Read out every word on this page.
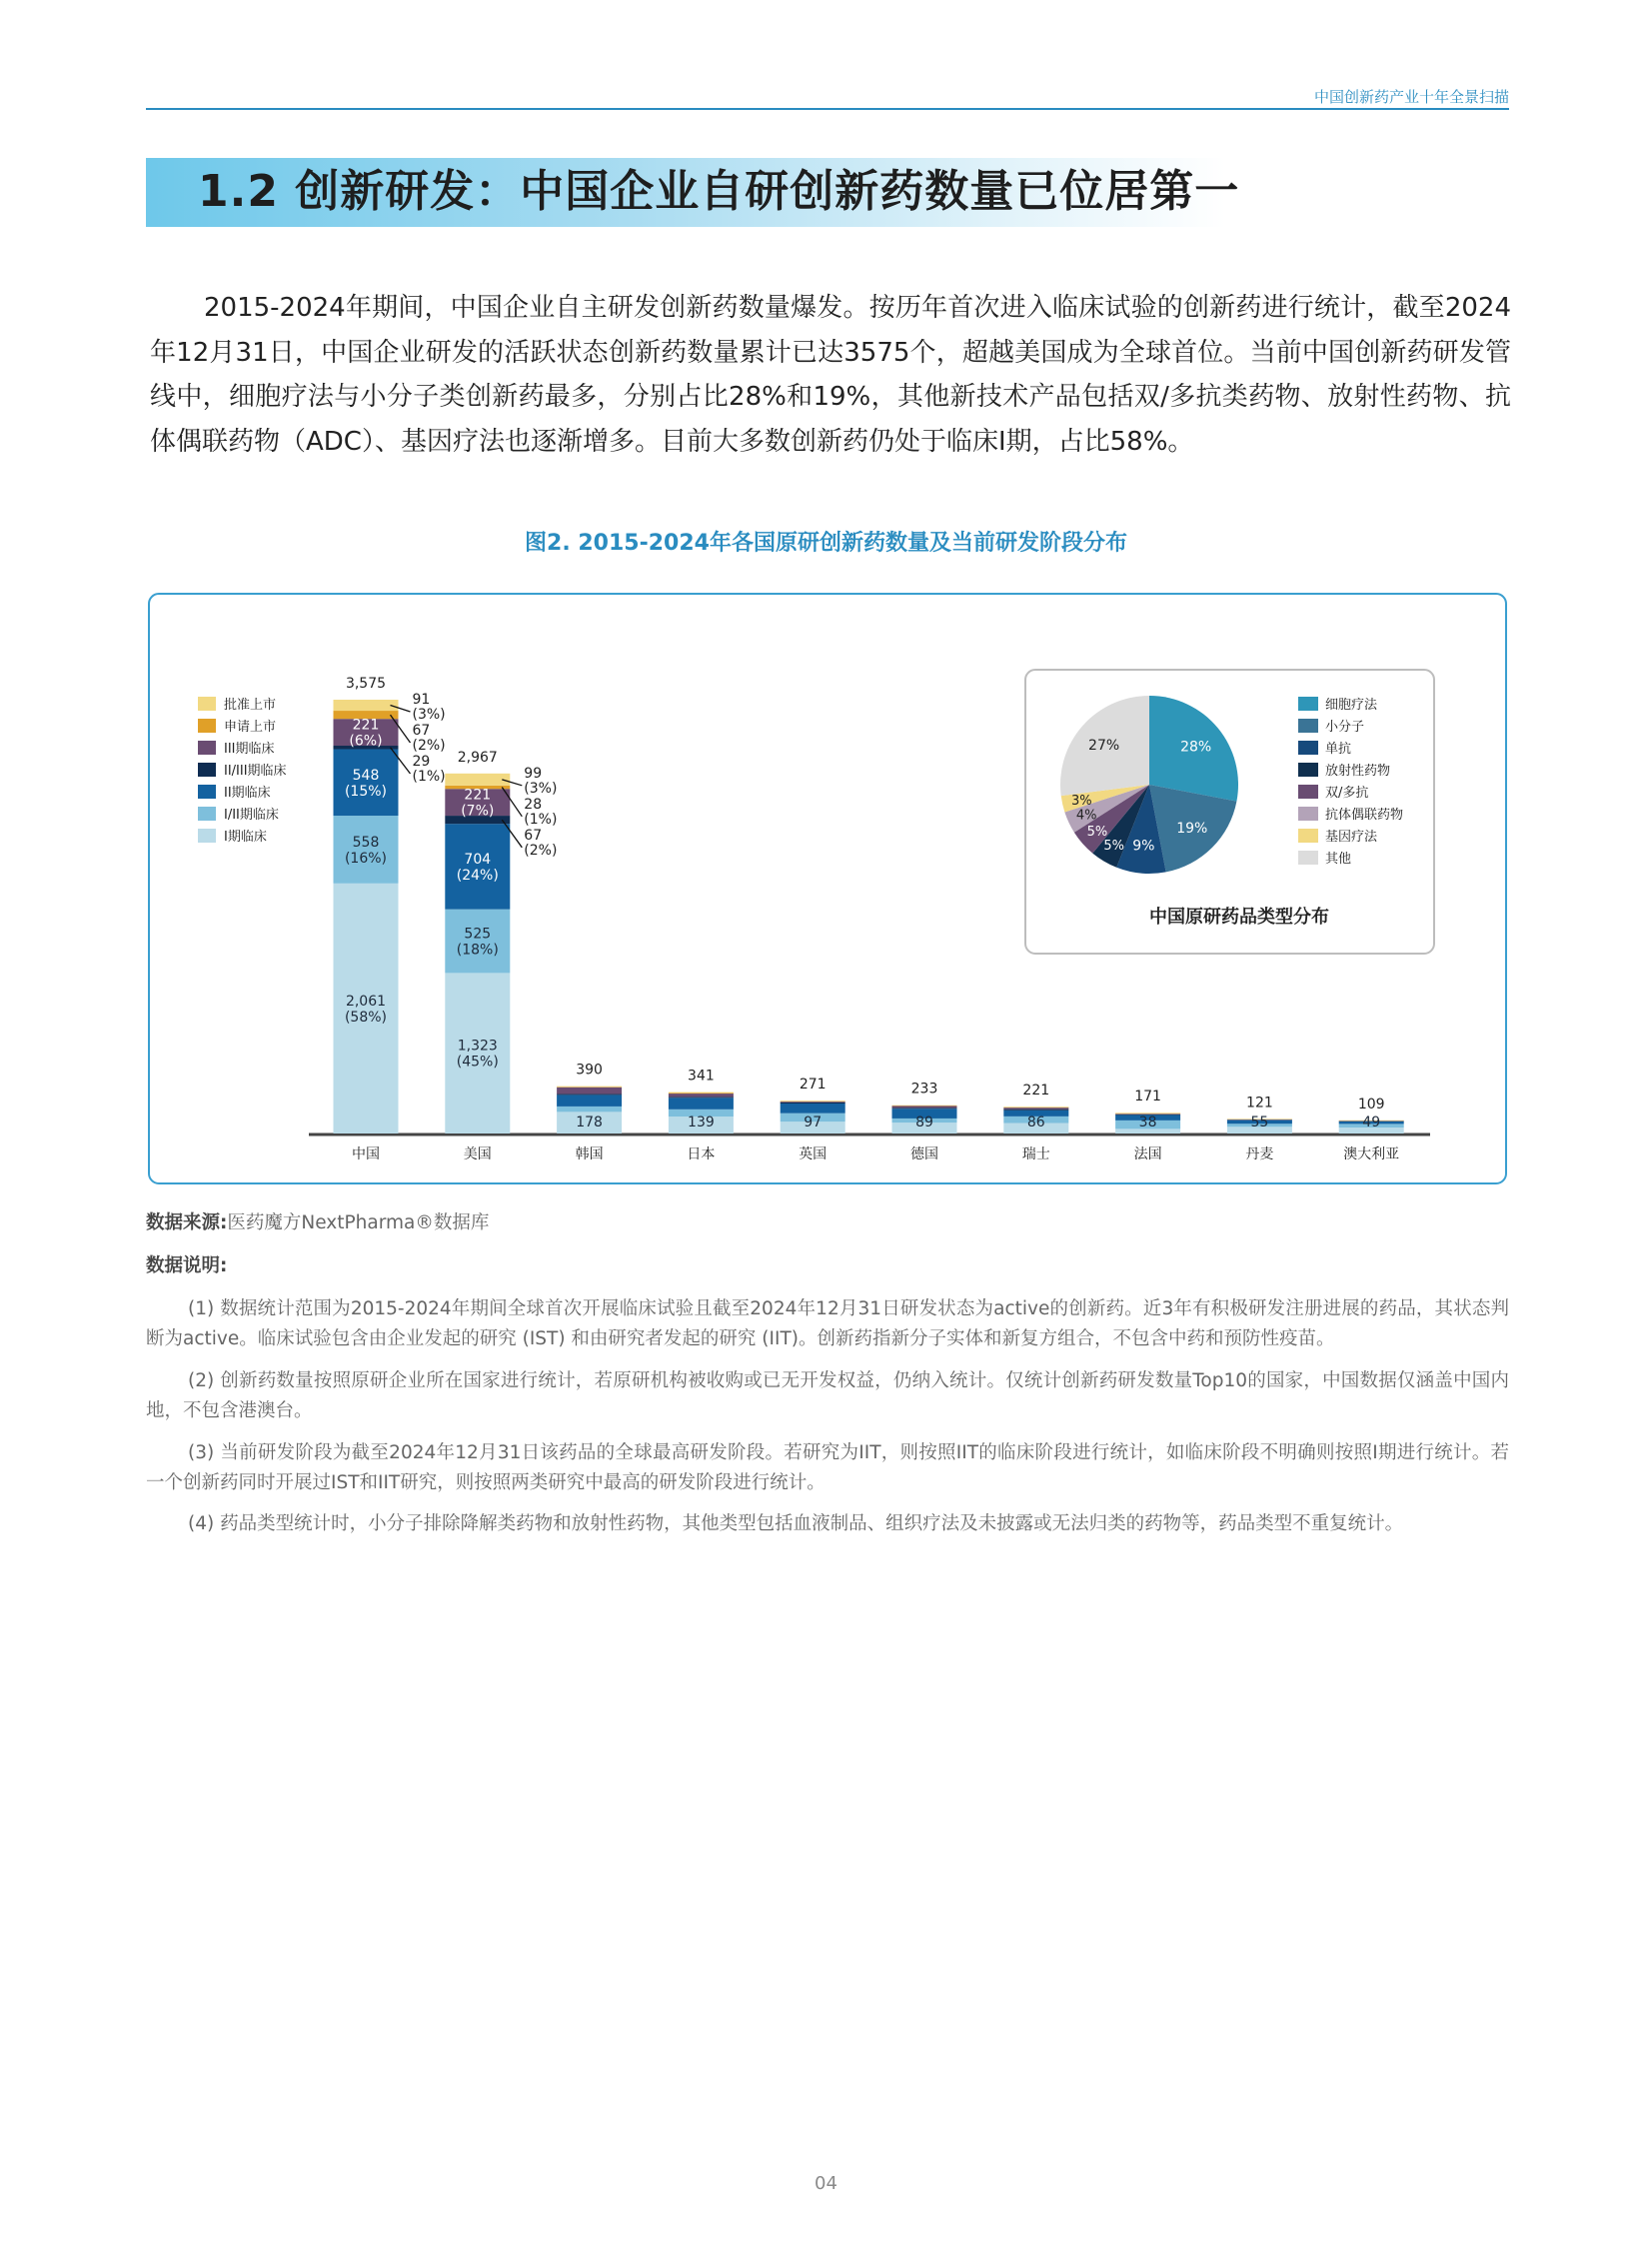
中国创新药产业十年全景扫描
1.2 创新研发：中国企业自研创新药数量已位居第一
2015-2024年期间，中国企业自主研发创新药数量爆发。按历年首次进入临床试验的创新药进行统计，截至2024年12月31日，中国企业研发的活跃状态创新药数量累计已达3575个，超越美国成为全球首位。当前中国创新药研发管线中，细胞疗法与小分子类创新药最多，分别占比28%和19%，其他新技术产品包括双/多抗类药物、放射性药物、抗体偶联药物（ADC）、基因疗法也逐渐增多。目前大多数创新药仍处于临床I期，占比58%。
图2. 2015-2024年各国原研创新药数量及当前研发阶段分布
中国
3,575
2,061
(58%)
558
(16%)
548
(15%)
221
(6%)
91
(3%)
67
(2%)
29
(1%)
美国
2,967
1,323
(45%)
525
(18%)
704
(24%)
221
(7%)
99
(3%)
28
(1%)
67
(2%)
韩国
390
178
日本
341
139
英国
271
97
德国
233
89
瑞士
221
86
法国
171
38
丹麦
121
55
澳大利亚
109
49
批准上市
申请上市
III期临床
II/III期临床
II期临床
I/II期临床
I期临床
28%
细胞疗法
19%
小分子
9%
单抗
5%
放射性药物
5%
双/多抗
4%	抗体偶联药物
3%
基因疗法
27%
其他
中国原研药品类型分布
数据来源:医药魔方NextPharma®数据库
数据说明:
(1) 数据统计范围为2015-2024年期间全球首次开展临床试验且截至2024年12月31日研发状态为active的创新药。近3年有积极研发注册进展的药品，其状态判断为active。临床试验包含由企业发起的研究 (IST) 和由研究者发起的研究 (IIT)。创新药指新分子实体和新复方组合，不包含中药和预防性疫苗。
(2) 创新药数量按照原研企业所在国家进行统计，若原研机构被收购或已无开发权益，仍纳入统计。仅统计创新药研发数量Top10的国家，中国数据仅涵盖中国内地，不包含港澳台。
(3) 当前研发阶段为截至2024年12月31日该药品的全球最高研发阶段。若研究为IIT，则按照IIT的临床阶段进行统计，如临床阶段不明确则按照I期进行统计。若一个创新药同时开展过IST和IIT研究，则按照两类研究中最高的研发阶段进行统计。
(4) 药品类型统计时，小分子排除降解类药物和放射性药物，其他类型包括血液制品、组织疗法及未披露或无法归类的药物等，药品类型不重复统计。
04
